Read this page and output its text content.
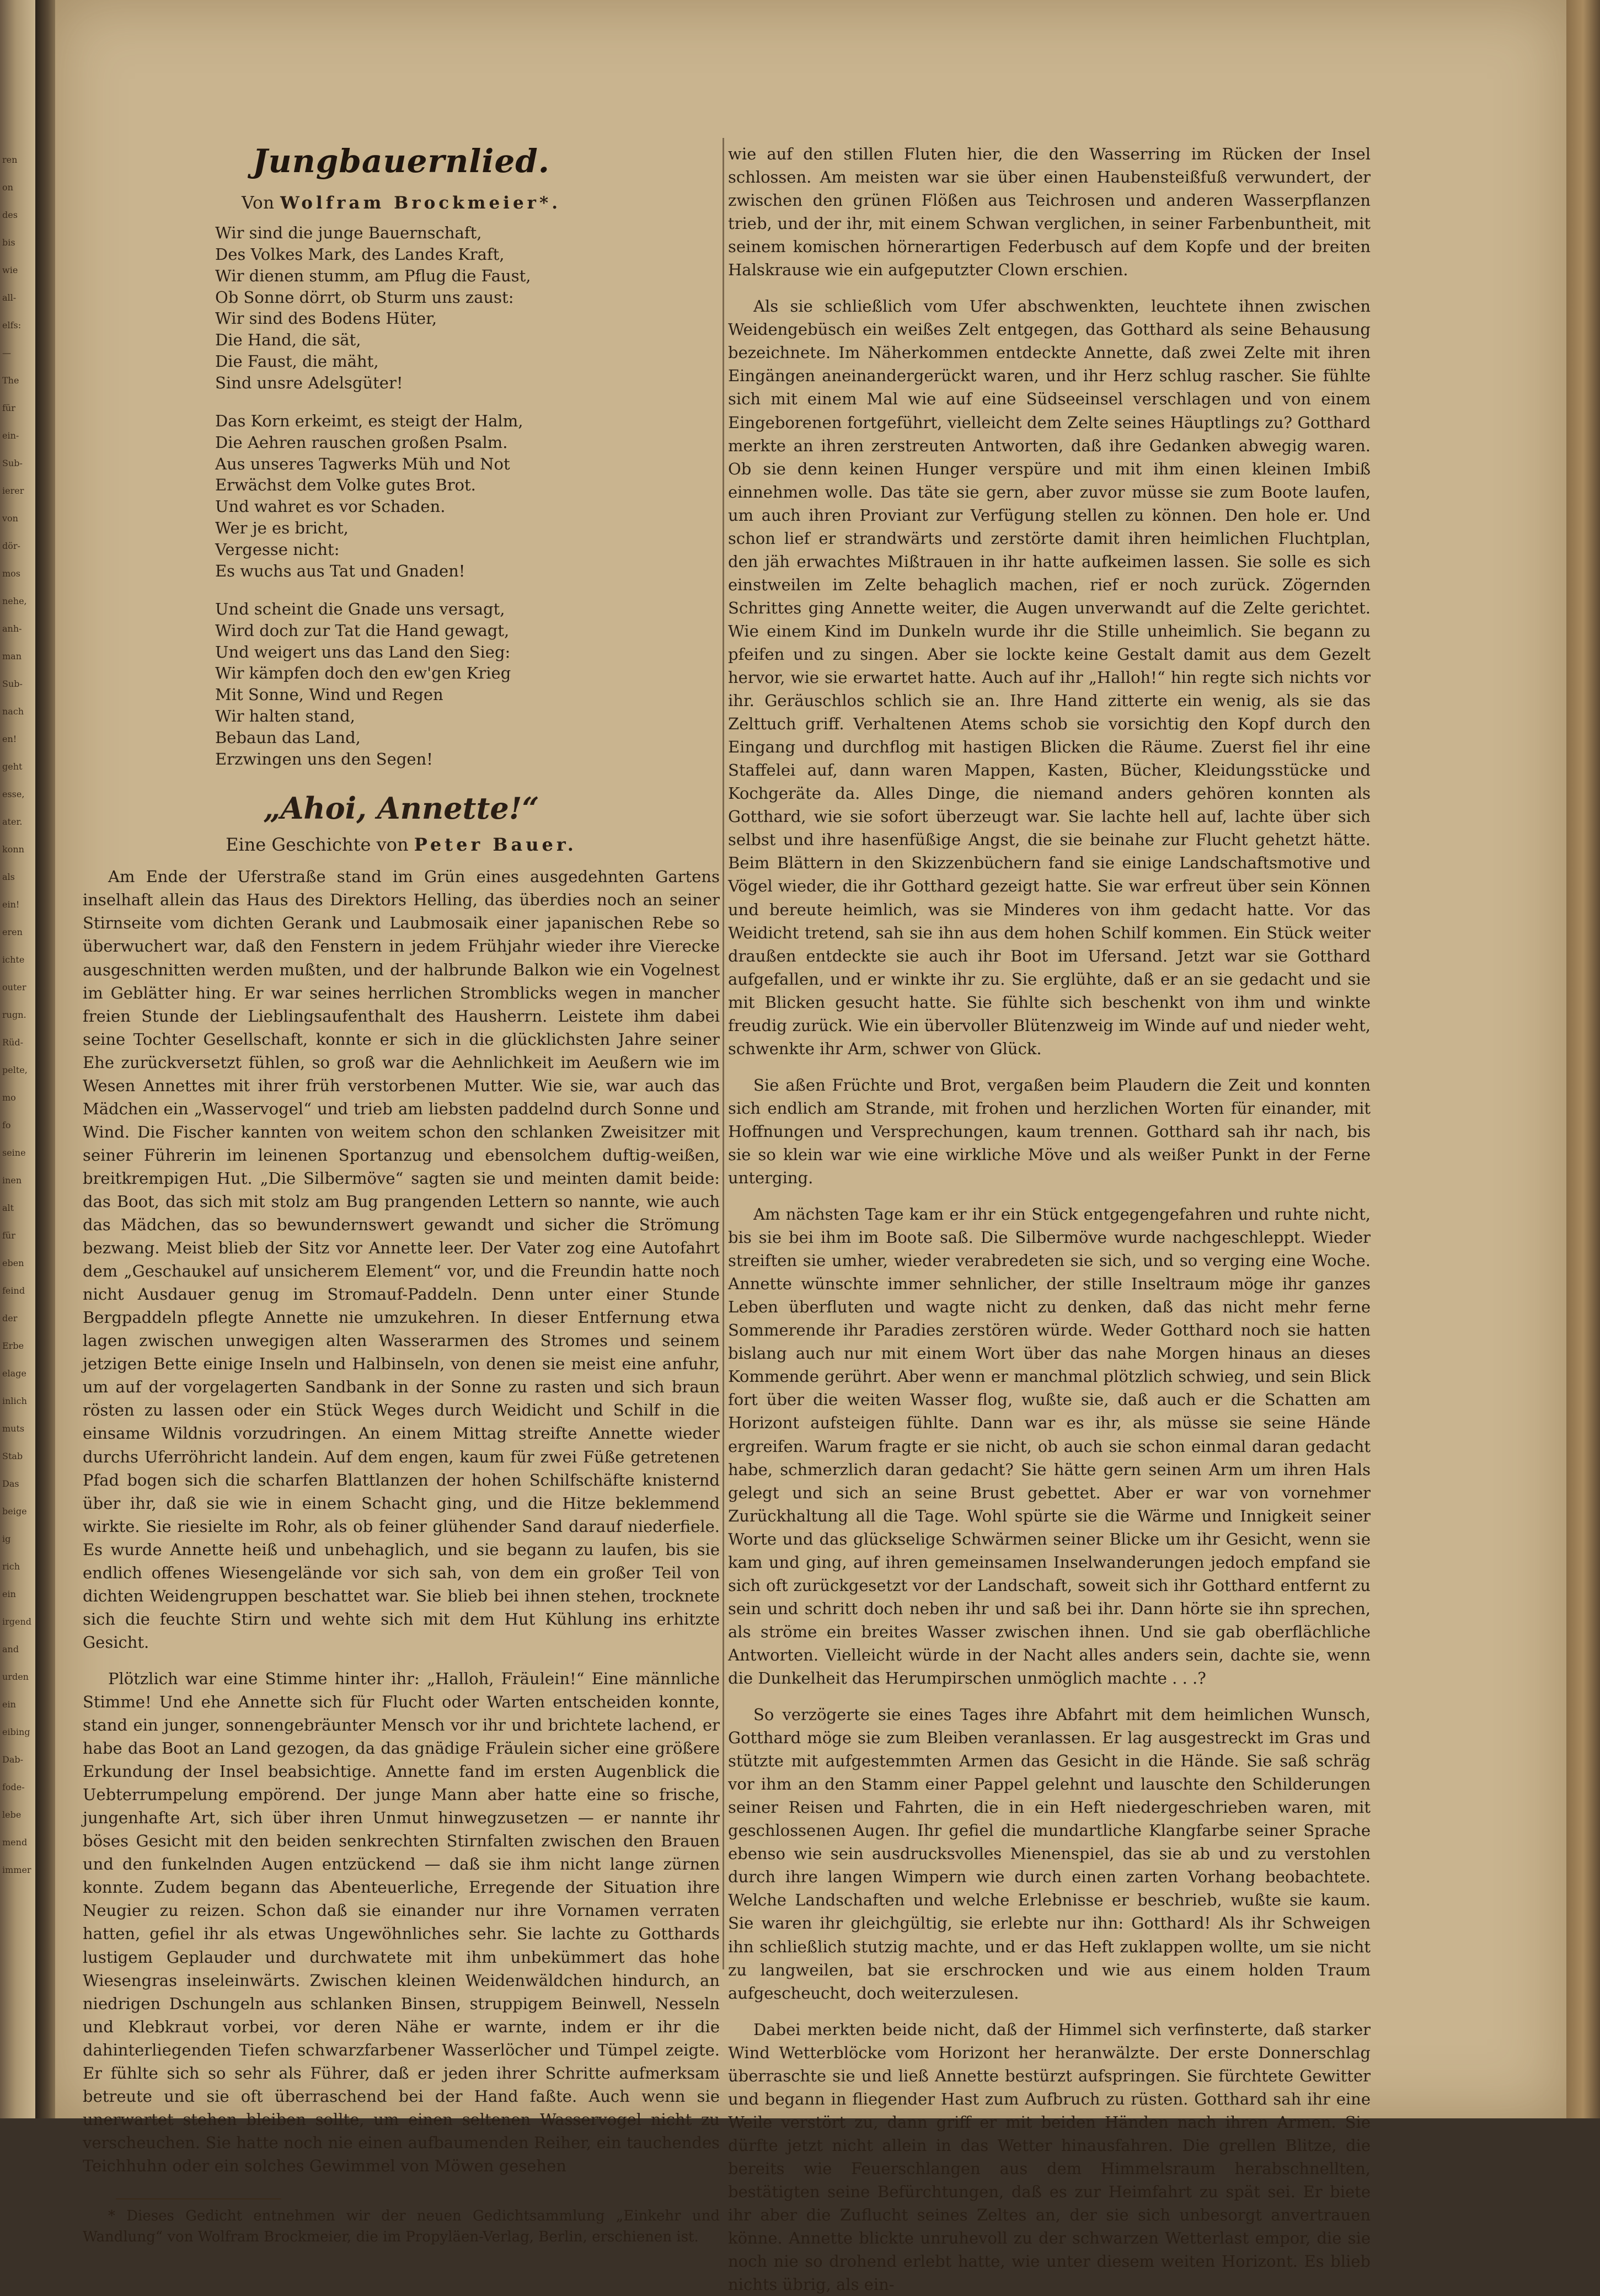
ren
on
des
bis
wie
all-
elfs:
—
The
für
ein-
Sub-
ierer
von
dör-
mos
nehe,
anh-
man
Sub-
nach
en!
geht
esse,
ater.
konn
als
ein!
eren
ichte
outer
rugn.
Rüd-
pelte,
mo
fo
seine
inen
alt
für
eben
feind
der
Erbe
elage
inlich
muts
Stab
Das
beige
ig
rich
ein
irgend
and
urden
ein
eibing
Dab-
fode-
lebe
mend
immer
Jungbauernlied.
Von Wolfram Brockmeier*.
Wir sind die junge Bauernschaft,
Des Volkes Mark, des Landes Kraft,
Wir dienen stumm, am Pflug die Faust,
Ob Sonne dörrt, ob Sturm uns zaust:
Wir sind des Bodens Hüter,
Die Hand, die sät,
Die Faust, die mäht,
Sind unsre Adelsgüter!
Das Korn erkeimt, es steigt der Halm,
Die Aehren rauschen großen Psalm.
Aus unseres Tagwerks Müh und Not
Erwächst dem Volke gutes Brot.
Und wahret es vor Schaden.
Wer je es bricht,
Vergesse nicht:
Es wuchs aus Tat und Gnaden!
Und scheint die Gnade uns versagt,
Wird doch zur Tat die Hand gewagt,
Und weigert uns das Land den Sieg:
Wir kämpfen doch den ew'gen Krieg
Mit Sonne, Wind und Regen
Wir halten stand,
Bebaun das Land,
Erzwingen uns den Segen!
„Ahoi, Annette!“
Eine Geschichte von Peter Bauer.

Am Ende der Uferstraße stand im Grün eines ausgedehnten Gartens inselhaft allein das Haus des Direktors Helling, das überdies noch an seiner Stirnseite vom dichten Gerank und Laubmosaik einer japanischen Rebe so überwuchert war, daß den Fenstern in jedem Frühjahr wieder ihre Vierecke ausgeschnitten werden mußten, und der halbrunde Balkon wie ein Vogelnest im Geblätter hing. Er war seines herrlichen Stromblicks wegen in mancher freien Stunde der Lieblingsaufenthalt des Hausherrn. Leistete ihm dabei seine Tochter Gesellschaft, konnte er sich in die glücklichsten Jahre seiner Ehe zurückversetzt fühlen, so groß war die Aehnlichkeit im Aeußern wie im Wesen Annettes mit ihrer früh verstorbenen Mutter. Wie sie, war auch das Mädchen ein „Wasservogel“ und trieb am liebsten paddelnd durch Sonne und Wind. Die Fischer kannten von weitem schon den schlanken Zweisitzer mit seiner Führerin im leinenen Sportanzug und ebensolchem duftig-weißen, breitkrempigen Hut. „Die Silbermöve“ sagten sie und meinten damit beide: das Boot, das sich mit stolz am Bug prangenden Lettern so nannte, wie auch das Mädchen, das so bewundernswert gewandt und sicher die Strömung bezwang. Meist blieb der Sitz vor Annette leer. Der Vater zog eine Autofahrt dem „Geschaukel auf unsicherem Element“ vor, und die Freundin hatte noch nicht Ausdauer genug im Stromauf-Paddeln. Denn unter einer Stunde Bergpaddeln pflegte Annette nie umzukehren. In dieser Entfernung etwa lagen zwischen unwegigen alten Wasserarmen des Stromes und seinem jetzigen Bette einige Inseln und Halbinseln, von denen sie meist eine anfuhr, um auf der vorgelagerten Sandbank in der Sonne zu rasten und sich braun rösten zu lassen oder ein Stück Weges durch Weidicht und Schilf in die einsame Wildnis vorzudringen. An einem Mittag streifte Annette wieder durchs Uferröhricht landein. Auf dem engen, kaum für zwei Füße getretenen Pfad bogen sich die scharfen Blattlanzen der hohen Schilfschäfte knisternd über ihr, daß sie wie in einem Schacht ging, und die Hitze beklemmend wirkte. Sie riesielte im Rohr, als ob feiner glühender Sand darauf niederfiele. Es wurde Annette heiß und unbehaglich, und sie begann zu laufen, bis sie endlich offenes Wiesengelände vor sich sah, von dem ein großer Teil von dichten Weidengruppen beschattet war. Sie blieb bei ihnen stehen, trocknete sich die feuchte Stirn und wehte sich mit dem Hut Kühlung ins erhitzte Gesicht.

Plötzlich war eine Stimme hinter ihr: „Halloh, Fräulein!“ Eine männliche Stimme! Und ehe Annette sich für Flucht oder Warten entscheiden konnte, stand ein junger, sonnengebräunter Mensch vor ihr und brichtete lachend, er habe das Boot an Land gezogen, da das gnädige Fräulein sicher eine größere Erkundung der Insel beabsichtige. Annette fand im ersten Augenblick die Uebterrumpelung empörend. Der junge Mann aber hatte eine so frische, jungenhafte Art, sich über ihren Unmut hinwegzusetzen — er nannte ihr böses Gesicht mit den beiden senkrechten Stirnfalten zwischen den Brauen und den funkelnden Augen entzückend — daß sie ihm nicht lange zürnen konnte. Zudem begann das Abenteuerliche, Erregende der Situation ihre Neugier zu reizen. Schon daß sie einander nur ihre Vornamen verraten hatten, gefiel ihr als etwas Ungewöhnliches sehr. Sie lachte zu Gotthards lustigem Geplauder und durchwatete mit ihm unbekümmert das hohe Wiesengras inseleinwärts. Zwischen kleinen Weidenwäldchen hindurch, an niedrigen Dschungeln aus schlanken Binsen, struppigem Beinwell, Nesseln und Klebkraut vorbei, vor deren Nähe er warnte, indem er ihr die dahinterliegenden Tiefen schwarzfarbener Wasserlöcher und Tümpel zeigte. Er fühlte sich so sehr als Führer, daß er jeden ihrer Schritte aufmerksam betreute und sie oft überraschend bei der Hand faßte. Auch wenn sie unerwartet stehen bleiben sollte, um einen seltenen Wasservogel nicht zu verscheuchen. Sie hatte noch nie einen aufbaumenden Reiher, ein tauchendes Teichhuhn oder ein solches Gewimmel von Möwen gesehen

* Dieses Gedicht entnehmen wir der neuen Gedichtsammlung „Einkehr und Wandlung“ von Wolfram Brockmeier, die im Propyläen-Verlag, Berlin, erschienen ist.

wie auf den stillen Fluten hier, die den Wasserring im Rücken der Insel schlossen. Am meisten war sie über einen Haubensteißfuß verwundert, der zwischen den grünen Flößen aus Teichrosen und anderen Wasserpflanzen trieb, und der ihr, mit einem Schwan verglichen, in seiner Farbenbuntheit, mit seinem komischen hörnerartigen Federbusch auf dem Kopfe und der breiten Halskrause wie ein aufgeputzter Clown erschien.

Als sie schließlich vom Ufer abschwenkten, leuchtete ihnen zwischen Weidengebüsch ein weißes Zelt entgegen, das Gotthard als seine Behausung bezeichnete. Im Näherkommen entdeckte Annette, daß zwei Zelte mit ihren Eingängen aneinandergerückt waren, und ihr Herz schlug rascher. Sie fühlte sich mit einem Mal wie auf eine Südseeinsel verschlagen und von einem Eingeborenen fortgeführt, vielleicht dem Zelte seines Häuptlings zu? Gotthard merkte an ihren zerstreuten Antworten, daß ihre Gedanken abwegig waren. Ob sie denn keinen Hunger verspüre und mit ihm einen kleinen Imbiß einnehmen wolle. Das täte sie gern, aber zuvor müsse sie zum Boote laufen, um auch ihren Proviant zur Verfügung stellen zu können. Den hole er. Und schon lief er strandwärts und zerstörte damit ihren heimlichen Fluchtplan, den jäh erwachtes Mißtrauen in ihr hatte aufkeimen lassen. Sie solle es sich einstweilen im Zelte behaglich machen, rief er noch zurück. Zögernden Schrittes ging Annette weiter, die Augen unverwandt auf die Zelte gerichtet. Wie einem Kind im Dunkeln wurde ihr die Stille unheimlich. Sie begann zu pfeifen und zu singen. Aber sie lockte keine Gestalt damit aus dem Gezelt hervor, wie sie erwartet hatte. Auch auf ihr „Halloh!“ hin regte sich nichts vor ihr. Geräuschlos schlich sie an. Ihre Hand zitterte ein wenig, als sie das Zelttuch griff. Verhaltenen Atems schob sie vorsichtig den Kopf durch den Eingang und durchflog mit hastigen Blicken die Räume. Zuerst fiel ihr eine Staffelei auf, dann waren Mappen, Kasten, Bücher, Kleidungsstücke und Kochgeräte da. Alles Dinge, die niemand anders gehören konnten als Gotthard, wie sie sofort überzeugt war. Sie lachte hell auf, lachte über sich selbst und ihre hasenfüßige Angst, die sie beinahe zur Flucht gehetzt hätte. Beim Blättern in den Skizzenbüchern fand sie einige Landschaftsmotive und Vögel wieder, die ihr Gotthard gezeigt hatte. Sie war erfreut über sein Können und bereute heimlich, was sie Minderes von ihm gedacht hatte. Vor das Weidicht tretend, sah sie ihn aus dem hohen Schilf kommen. Ein Stück weiter draußen entdeckte sie auch ihr Boot im Ufersand. Jetzt war sie Gotthard aufgefallen, und er winkte ihr zu. Sie erglühte, daß er an sie gedacht und sie mit Blicken gesucht hatte. Sie fühlte sich beschenkt von ihm und winkte freudig zurück. Wie ein übervoller Blütenzweig im Winde auf und nieder weht, schwenkte ihr Arm, schwer von Glück.

Sie aßen Früchte und Brot, vergaßen beim Plaudern die Zeit und konnten sich endlich am Strande, mit frohen und herzlichen Worten für einander, mit Hoffnungen und Versprechungen, kaum trennen. Gotthard sah ihr nach, bis sie so klein war wie eine wirkliche Möve und als weißer Punkt in der Ferne unterging.

Am nächsten Tage kam er ihr ein Stück entgegengefahren und ruhte nicht, bis sie bei ihm im Boote saß. Die Silbermöve wurde nachgeschleppt. Wieder streiften sie umher, wieder verabredeten sie sich, und so verging eine Woche. Annette wünschte immer sehnlicher, der stille Inseltraum möge ihr ganzes Leben überfluten und wagte nicht zu denken, daß das nicht mehr ferne Sommerende ihr Paradies zerstören würde. Weder Gotthard noch sie hatten bislang auch nur mit einem Wort über das nahe Morgen hinaus an dieses Kommende gerührt. Aber wenn er manchmal plötzlich schwieg, und sein Blick fort über die weiten Wasser flog, wußte sie, daß auch er die Schatten am Horizont aufsteigen fühlte. Dann war es ihr, als müsse sie seine Hände ergreifen. Warum fragte er sie nicht, ob auch sie schon einmal daran gedacht habe, schmerzlich daran gedacht? Sie hätte gern seinen Arm um ihren Hals gelegt und sich an seine Brust gebettet. Aber er war von vornehmer Zurückhaltung all die Tage. Wohl spürte sie die Wärme und Innigkeit seiner Worte und das glückselige Schwärmen seiner Blicke um ihr Gesicht, wenn sie kam und ging, auf ihren gemeinsamen Inselwanderungen jedoch empfand sie sich oft zurückgesetzt vor der Landschaft, soweit sich ihr Gotthard entfernt zu sein und schritt doch neben ihr und saß bei ihr. Dann hörte sie ihn sprechen, als ströme ein breites Wasser zwischen ihnen. Und sie gab oberflächliche Antworten. Vielleicht würde in der Nacht alles anders sein, dachte sie, wenn die Dunkelheit das Herumpirschen unmöglich machte . . .?

So verzögerte sie eines Tages ihre Abfahrt mit dem heimlichen Wunsch, Gotthard möge sie zum Bleiben veranlassen. Er lag ausgestreckt im Gras und stützte mit aufgestemmten Armen das Gesicht in die Hände. Sie saß schräg vor ihm an den Stamm einer Pappel gelehnt und lauschte den Schilderungen seiner Reisen und Fahrten, die in ein Heft niedergeschrieben waren, mit geschlossenen Augen. Ihr gefiel die mundartliche Klangfarbe seiner Sprache ebenso wie sein ausdrucksvolles Mienenspiel, das sie ab und zu verstohlen durch ihre langen Wimpern wie durch einen zarten Vorhang beobachtete. Welche Landschaften und welche Erlebnisse er beschrieb, wußte sie kaum. Sie waren ihr gleichgültig, sie erlebte nur ihn: Gotthard! Als ihr Schweigen ihn schließlich stutzig machte, und er das Heft zuklappen wollte, um sie nicht zu langweilen, bat sie erschrocken und wie aus einem holden Traum aufgescheucht, doch weiterzulesen.

Dabei merkten beide nicht, daß der Himmel sich verfinsterte, daß starker Wind Wetterblöcke vom Horizont her heranwälzte. Der erste Donnerschlag überraschte sie und ließ Annette bestürzt aufspringen. Sie fürchtete Gewitter und begann in fliegender Hast zum Aufbruch zu rüsten. Gotthard sah ihr eine Weile verstört zu, dann griff er mit beiden Händen nach ihren Armen. Sie dürfte jetzt nicht allein in das Wetter hinausfahren. Die grellen Blitze, die bereits wie Feuerschlangen aus dem Himmelsraum herabschnellten, bestätigten seine Befürchtungen, daß es zur Heimfahrt zu spät sei. Er biete ihr aber die Zuflucht seines Zeltes an, der sie sich unbesorgt anvertrauen könne. Annette blickte unruhevoll zu der schwarzen Wetterlast empor, die sie noch nie so drohend erlebt hatte, wie unter diesem weiten Horizont. Es blieb nichts übrig, als ein-
